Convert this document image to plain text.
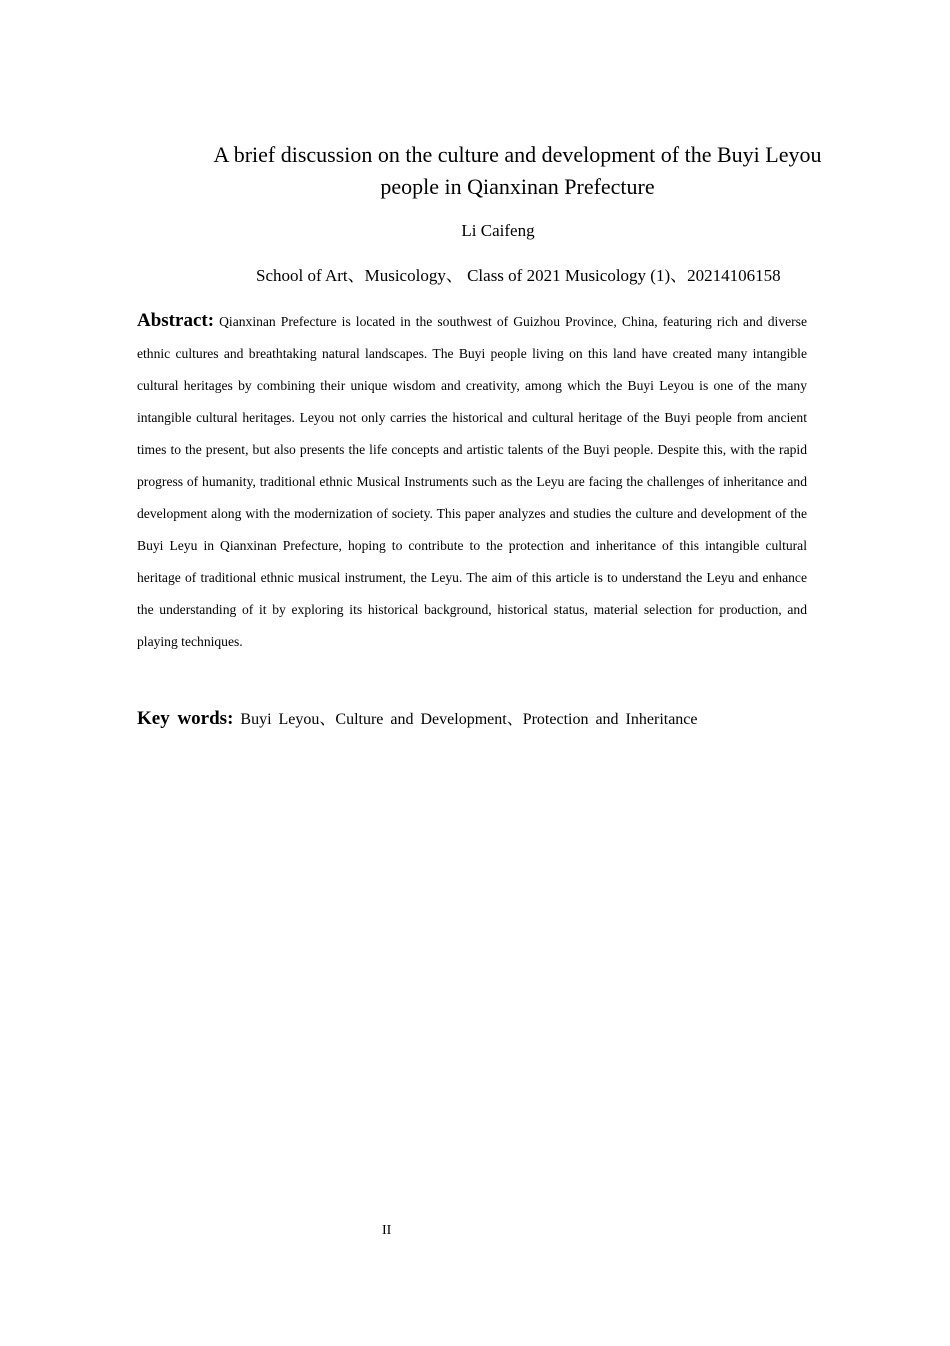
A brief discussion on the culture and development of the Buyi Leyou people in Qianxinan Prefecture
Li Caifeng
School of Art、Musicology、 Class of 2021 Musicology (1)、20214106158

Abstract: Qianxinan Prefecture is located in the southwest of Guizhou Province, China, featuring rich and diverse ethnic cultures and breathtaking natural landscapes. The Buyi people living on this land have created many intangible cultural heritages by combining their unique wisdom and creativity, among which the Buyi Leyou is one of the many intangible cultural heritages. Leyou not only carries the historical and cultural heritage of the Buyi people from ancient times to the present, but also presents the life concepts and artistic talents of the Buyi people. Despite this, with the rapid progress of humanity, traditional ethnic Musical Instruments such as the Leyu are facing the challenges of inheritance and development along with the modernization of society. This paper analyzes and studies the culture and development of the Buyi Leyu in Qianxinan Prefecture, hoping to contribute to the protection and inheritance of this intangible cultural heritage of traditional ethnic musical instrument, the Leyu. The aim of this article is to understand the Leyu and enhance the understanding of it by exploring its historical background, historical status, material selection for production, and playing techniques.

Key words: Buyi Leyou、Culture and Development、Protection and Inheritance
II
